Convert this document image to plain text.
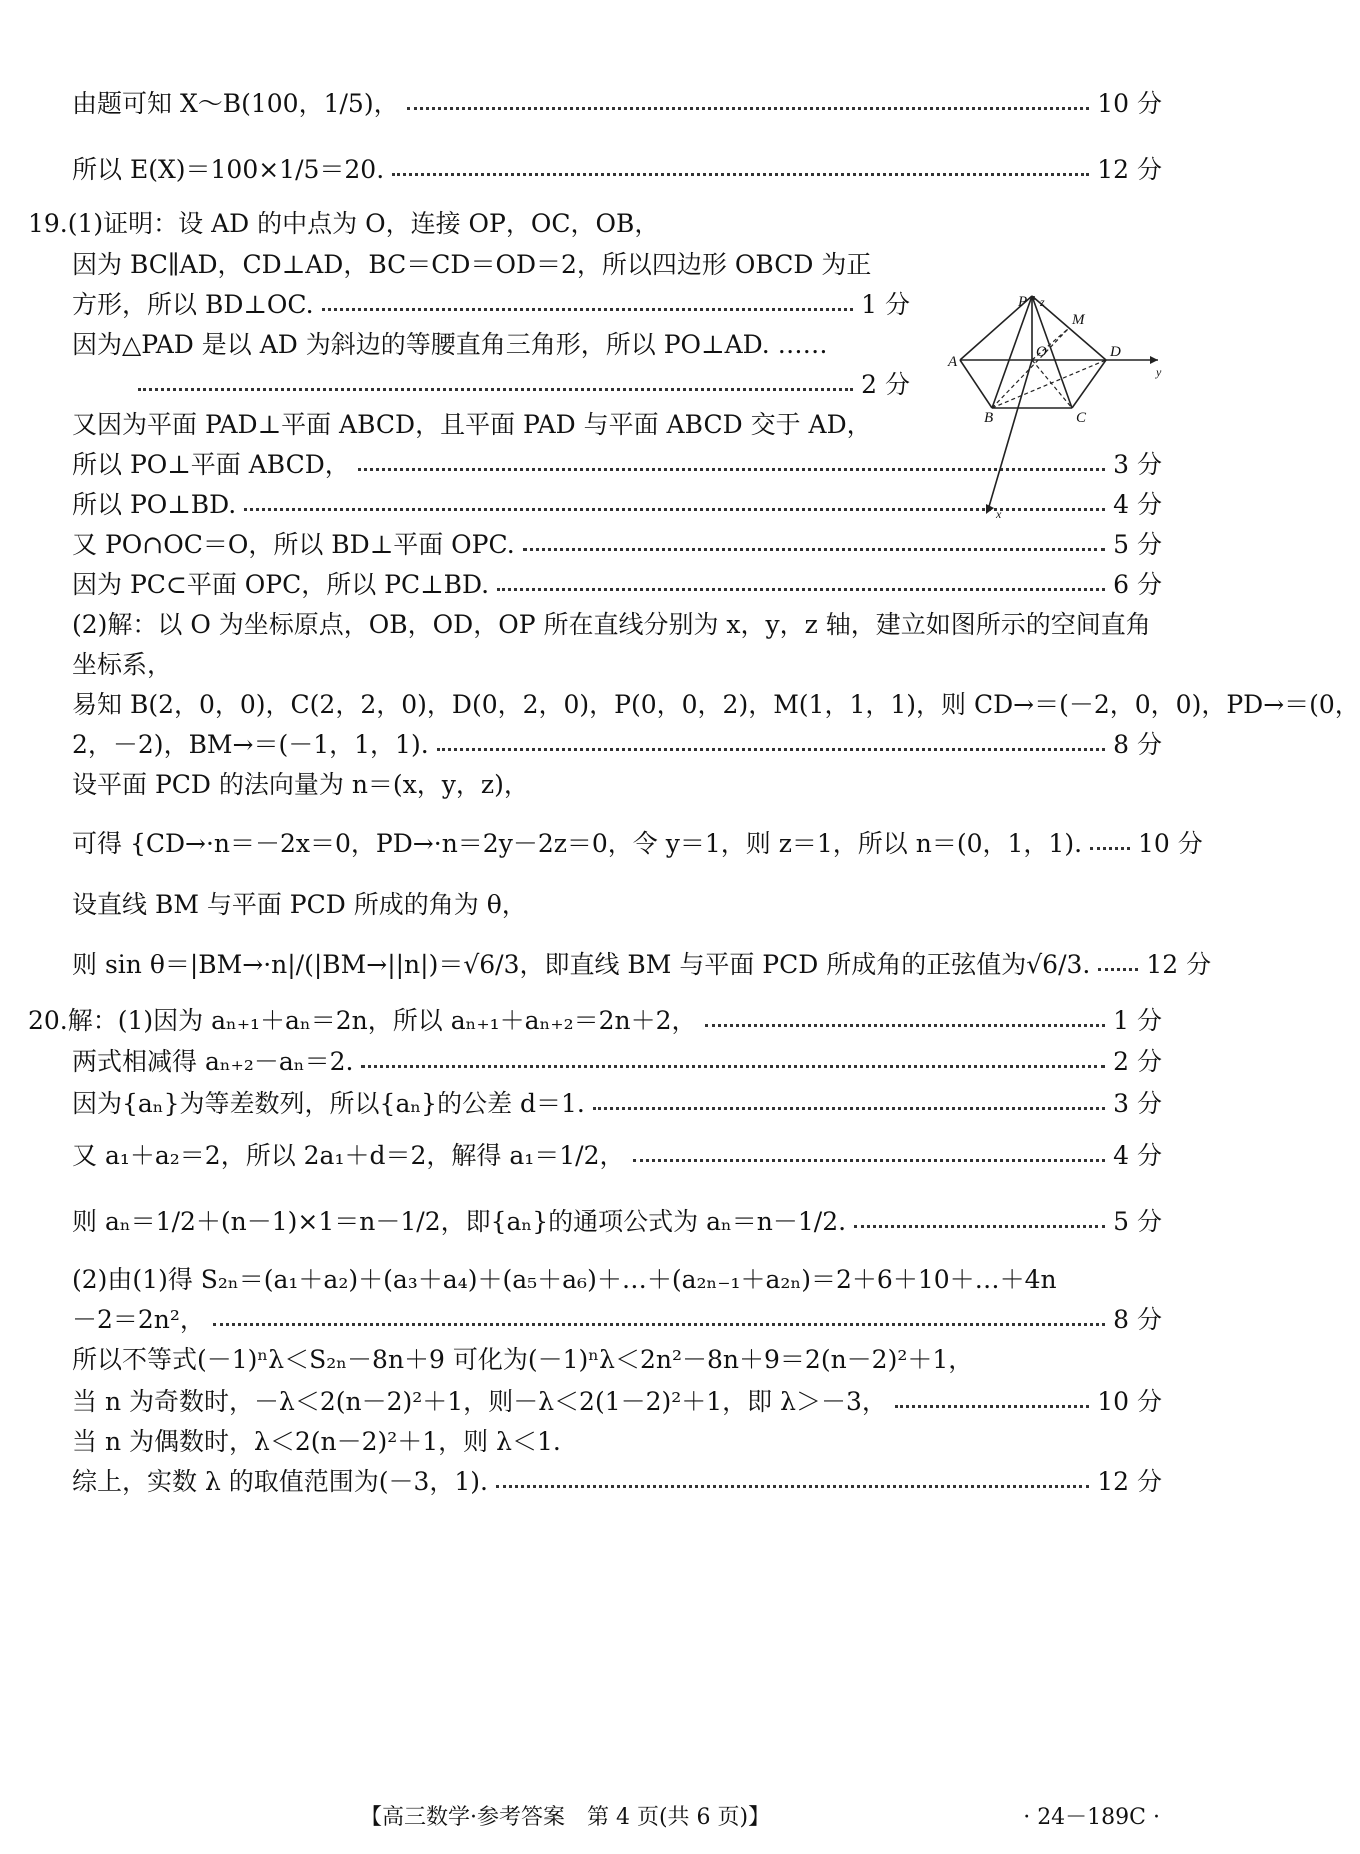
由题可知 X～B(100，1/5)，	10 分
所以 E(X)＝100×1/5＝20.	12 分
19.(1)证明：设 AD 的中点为 O，连接 OP，OC，OB，
因为 BC∥AD，CD⊥AD，BC＝CD＝OD＝2，所以四边形 OBCD 为正
方形，所以 BD⊥OC.	1 分
因为△PAD 是以 AD 为斜边的等腰直角三角形，所以 PO⊥AD. ……
2 分
又因为平面 PAD⊥平面 ABCD，且平面 PAD 与平面 ABCD 交于 AD，
所以 PO⊥平面 ABCD，	3 分
所以 PO⊥BD.	4 分
又 PO∩OC＝O，所以 BD⊥平面 OPC.	5 分
因为 PC⊂平面 OPC，所以 PC⊥BD.	6 分
(2)解：以 O 为坐标原点，OB，OD，OP 所在直线分别为 x，y，z 轴，建立如图所示的空间直角
坐标系，
易知 B(2，0，0)，C(2，2，0)，D(0，2，0)，P(0，0，2)，M(1，1，1)，则 CD→＝(－2，0，0)，PD→＝(0，
2，－2)，BM→＝(－1，1，1).	8 分
设平面 PCD 的法向量为 n＝(x，y，z)，
可得 {CD→·n＝－2x＝0，PD→·n＝2y－2z＝0，令 y＝1，则 z＝1，所以 n＝(0，1，1). 10 分
设直线 BM 与平面 PCD 所成的角为 θ，
则 sin θ＝|BM→·n|/(|BM→||n|)＝√6/3，即直线 BM 与平面 PCD 所成角的正弦值为√6/3. 12 分
20.解：(1)因为 aₙ₊₁＋aₙ＝2n，所以 aₙ₊₁＋aₙ₊₂＝2n＋2，	1 分
两式相减得 aₙ₊₂－aₙ＝2.	2 分
因为{aₙ}为等差数列，所以{aₙ}的公差 d＝1.	3 分
又 a₁＋a₂＝2，所以 2a₁＋d＝2，解得 a₁＝1/2，	4 分
则 aₙ＝1/2＋(n－1)×1＝n－1/2，即{aₙ}的通项公式为 aₙ＝n－1/2.	5 分
(2)由(1)得 S₂ₙ＝(a₁＋a₂)＋(a₃＋a₄)＋(a₅＋a₆)＋…＋(a₂ₙ₋₁＋a₂ₙ)＝2＋6＋10＋…＋4n
－2＝2n²，	8 分
所以不等式(－1)ⁿλ＜S₂ₙ－8n＋9 可化为(－1)ⁿλ＜2n²－8n＋9＝2(n－2)²＋1，
当 n 为奇数时，－λ＜2(n－2)²＋1，则－λ＜2(1－2)²＋1，即 λ＞－3，	10 分
当 n 为偶数时，λ＜2(n－2)²＋1，则 λ＜1.
综上，实数 λ 的取值范围为(－3，1).	12 分
P z
A
O
M
D
y
B	C
x
【高三数学·参考答案　第 4 页(共 6 页)】	· 24－189C ·
